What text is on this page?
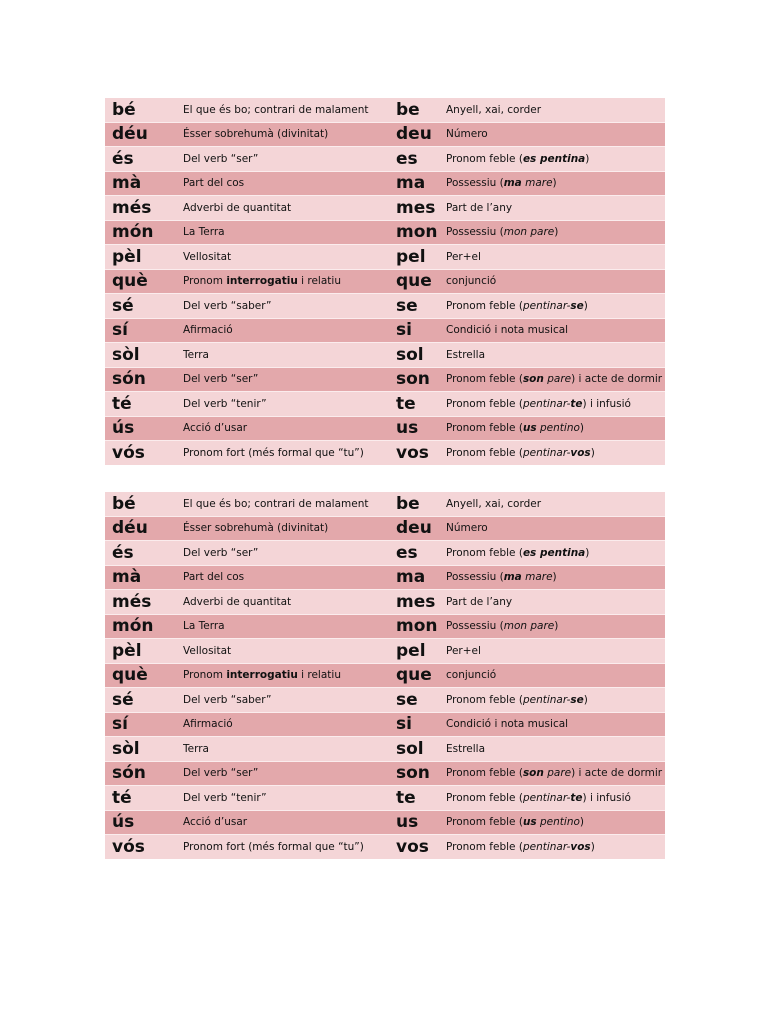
bé	El que és bo; contrari de malament	be	Anyell, xai, corder
déu	Ésser sobrehumà (divinitat)	deu	Número
és	Del verb “ser”	es	Pronom feble (es pentina)
mà	Part del cos	ma	Possessiu (ma mare)
més	Adverbi de quantitat	mes	Part de l’any
món	La Terra	mon	Possessiu (mon pare)
pèl	Vellositat	pel	Per+el
què	Pronom interrogatiu i relatiu	que	conjunció
sé	Del verb “saber”	se	Pronom feble (pentinar-se)
sí	Afirmació	si	Condició i nota musical
sòl	Terra	sol	Estrella
són	Del verb “ser”	son	Pronom feble (son pare) i acte de dormir
té	Del verb “tenir”	te	Pronom feble (pentinar-te) i infusió
ús	Acció d’usar	us	Pronom feble (us pentino)
vós	Pronom fort (més formal que “tu”)	vos	Pronom feble (pentinar-vos)
bé	El que és bo; contrari de malament	be	Anyell, xai, corder
déu	Ésser sobrehumà (divinitat)	deu	Número
és	Del verb “ser”	es	Pronom feble (es pentina)
mà	Part del cos	ma	Possessiu (ma mare)
més	Adverbi de quantitat	mes	Part de l’any
món	La Terra	mon	Possessiu (mon pare)
pèl	Vellositat	pel	Per+el
què	Pronom interrogatiu i relatiu	que	conjunció
sé	Del verb “saber”	se	Pronom feble (pentinar-se)
sí	Afirmació	si	Condició i nota musical
sòl	Terra	sol	Estrella
són	Del verb “ser”	son	Pronom feble (son pare) i acte de dormir
té	Del verb “tenir”	te	Pronom feble (pentinar-te) i infusió
ús	Acció d’usar	us	Pronom feble (us pentino)
vós	Pronom fort (més formal que “tu”)	vos	Pronom feble (pentinar-vos)
